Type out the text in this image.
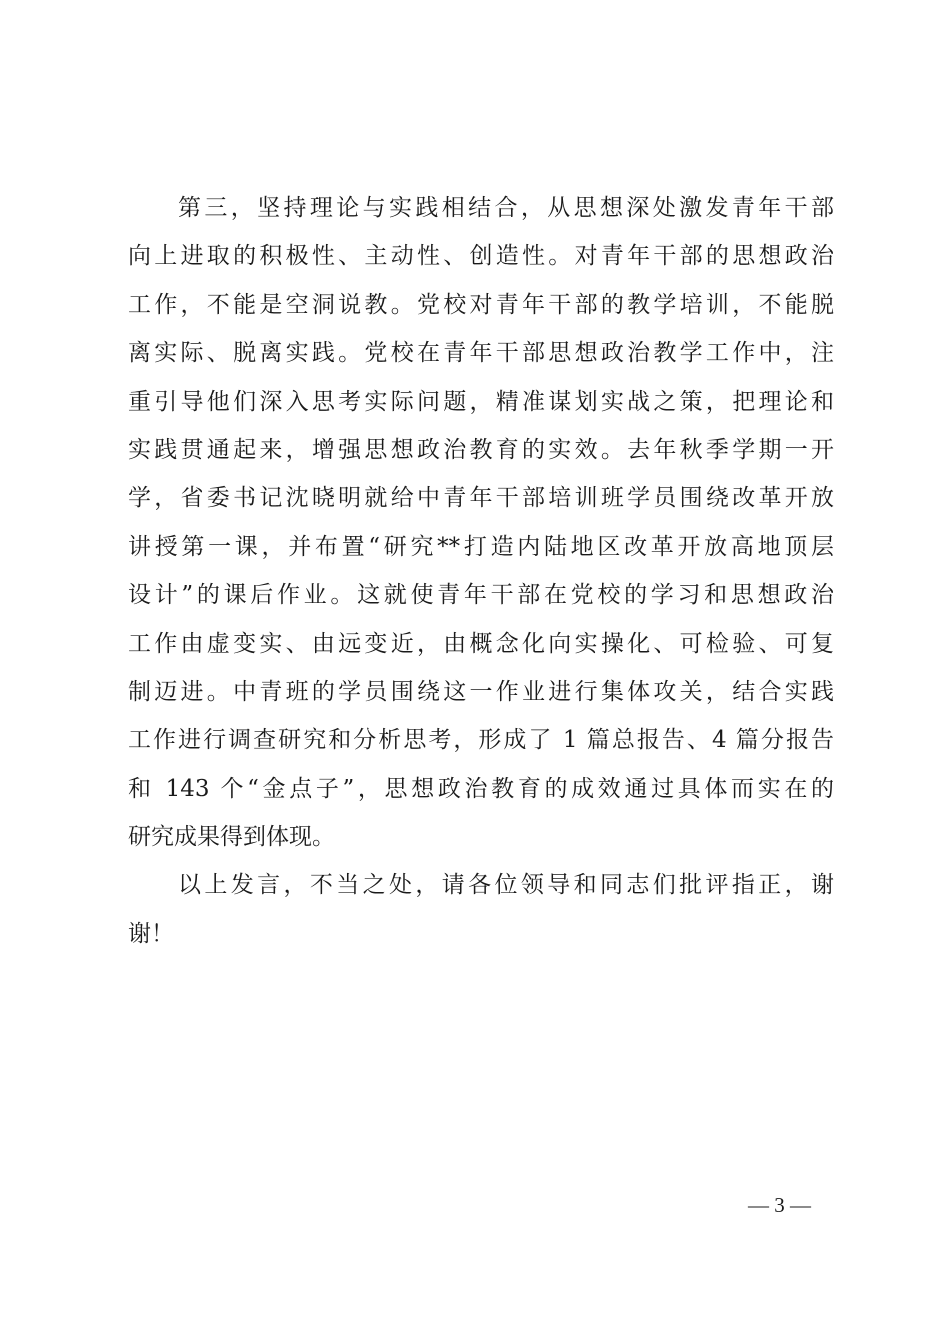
第三，坚持理论与实践相结合，从思想深处激发青年干部
向上进取的积极性、主动性、创造性。对青年干部的思想政治
工作，不能是空洞说教。党校对青年干部的教学培训，不能脱
离实际、脱离实践。党校在青年干部思想政治教学工作中，注
重引导他们深入思考实际问题，精准谋划实战之策，把理论和
实践贯通起来，增强思想政治教育的实效。去年秋季学期一开
学，省委书记沈晓明就给中青年干部培训班学员围绕改革开放
讲授第一课，并布置“研究**打造内陆地区改革开放高地顶层
设计”的课后作业。这就使青年干部在党校的学习和思想政治
工作由虚变实、由远变近，由概念化向实操化、可检验、可复
制迈进。中青班的学员围绕这一作业进行集体攻关，结合实践
工作进行调查研究和分析思考，形成了 1 篇总报告、4 篇分报告
和 143 个“金点子”，思想政治教育的成效通过具体而实在的
研究成果得到体现。
以上发言，不当之处，请各位领导和同志们批评指正，谢
谢！
— 3 —
